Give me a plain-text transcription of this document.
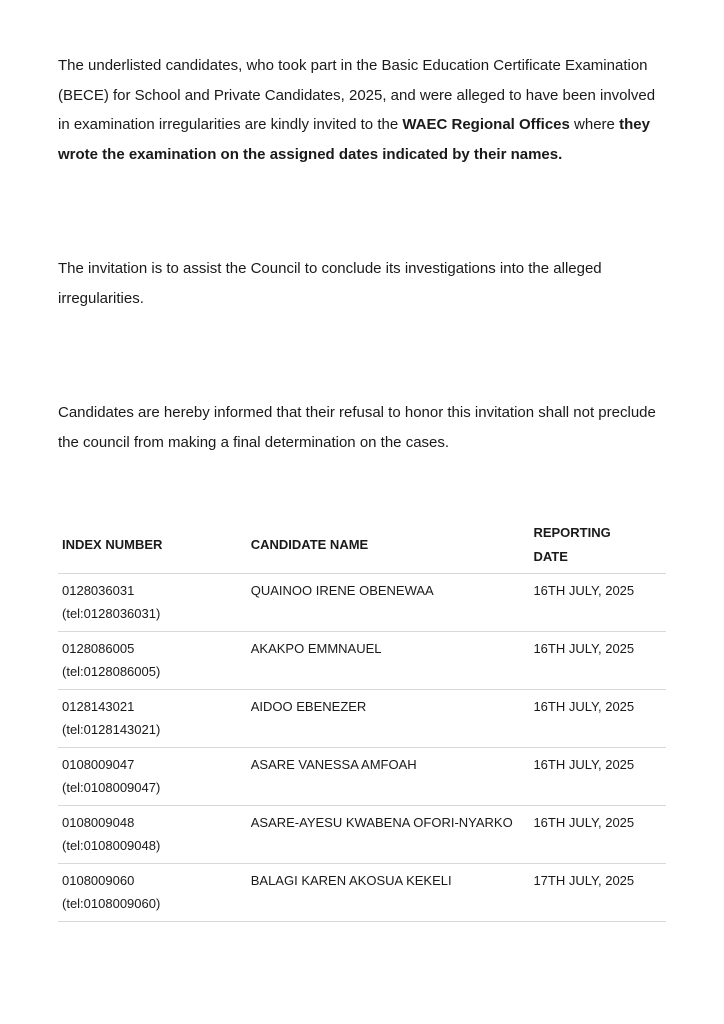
The underlisted candidates, who took part in the Basic Education Certificate Examination (BECE) for School and Private Candidates, 2025, and were alleged to have been involved in examination irregularities are kindly invited to the WAEC Regional Offices where they wrote the examination on the assigned dates indicated by their names.

The invitation is to assist the Council to conclude its investigations into the alleged irregularities.

Candidates are hereby informed that their refusal to honor this invitation shall not preclude the council from making a final determination on the cases.

INDEX NUMBER	CANDIDATE NAME	REPORTING
DATE
0128036031
(tel:0128036031)	QUAINOO IRENE OBENEWAA	16TH JULY, 2025
0128086005
(tel:0128086005)	AKAKPO EMMNAUEL	16TH JULY, 2025
0128143021
(tel:0128143021)	AIDOO EBENEZER	16TH JULY, 2025
0108009047
(tel:0108009047)	ASARE VANESSA AMFOAH	16TH JULY, 2025
0108009048
(tel:0108009048)	ASARE-AYESU KWABENA OFORI-NYARKO	16TH JULY, 2025
0108009060
(tel:0108009060)	BALAGI KAREN AKOSUA KEKELI	17TH JULY, 2025
